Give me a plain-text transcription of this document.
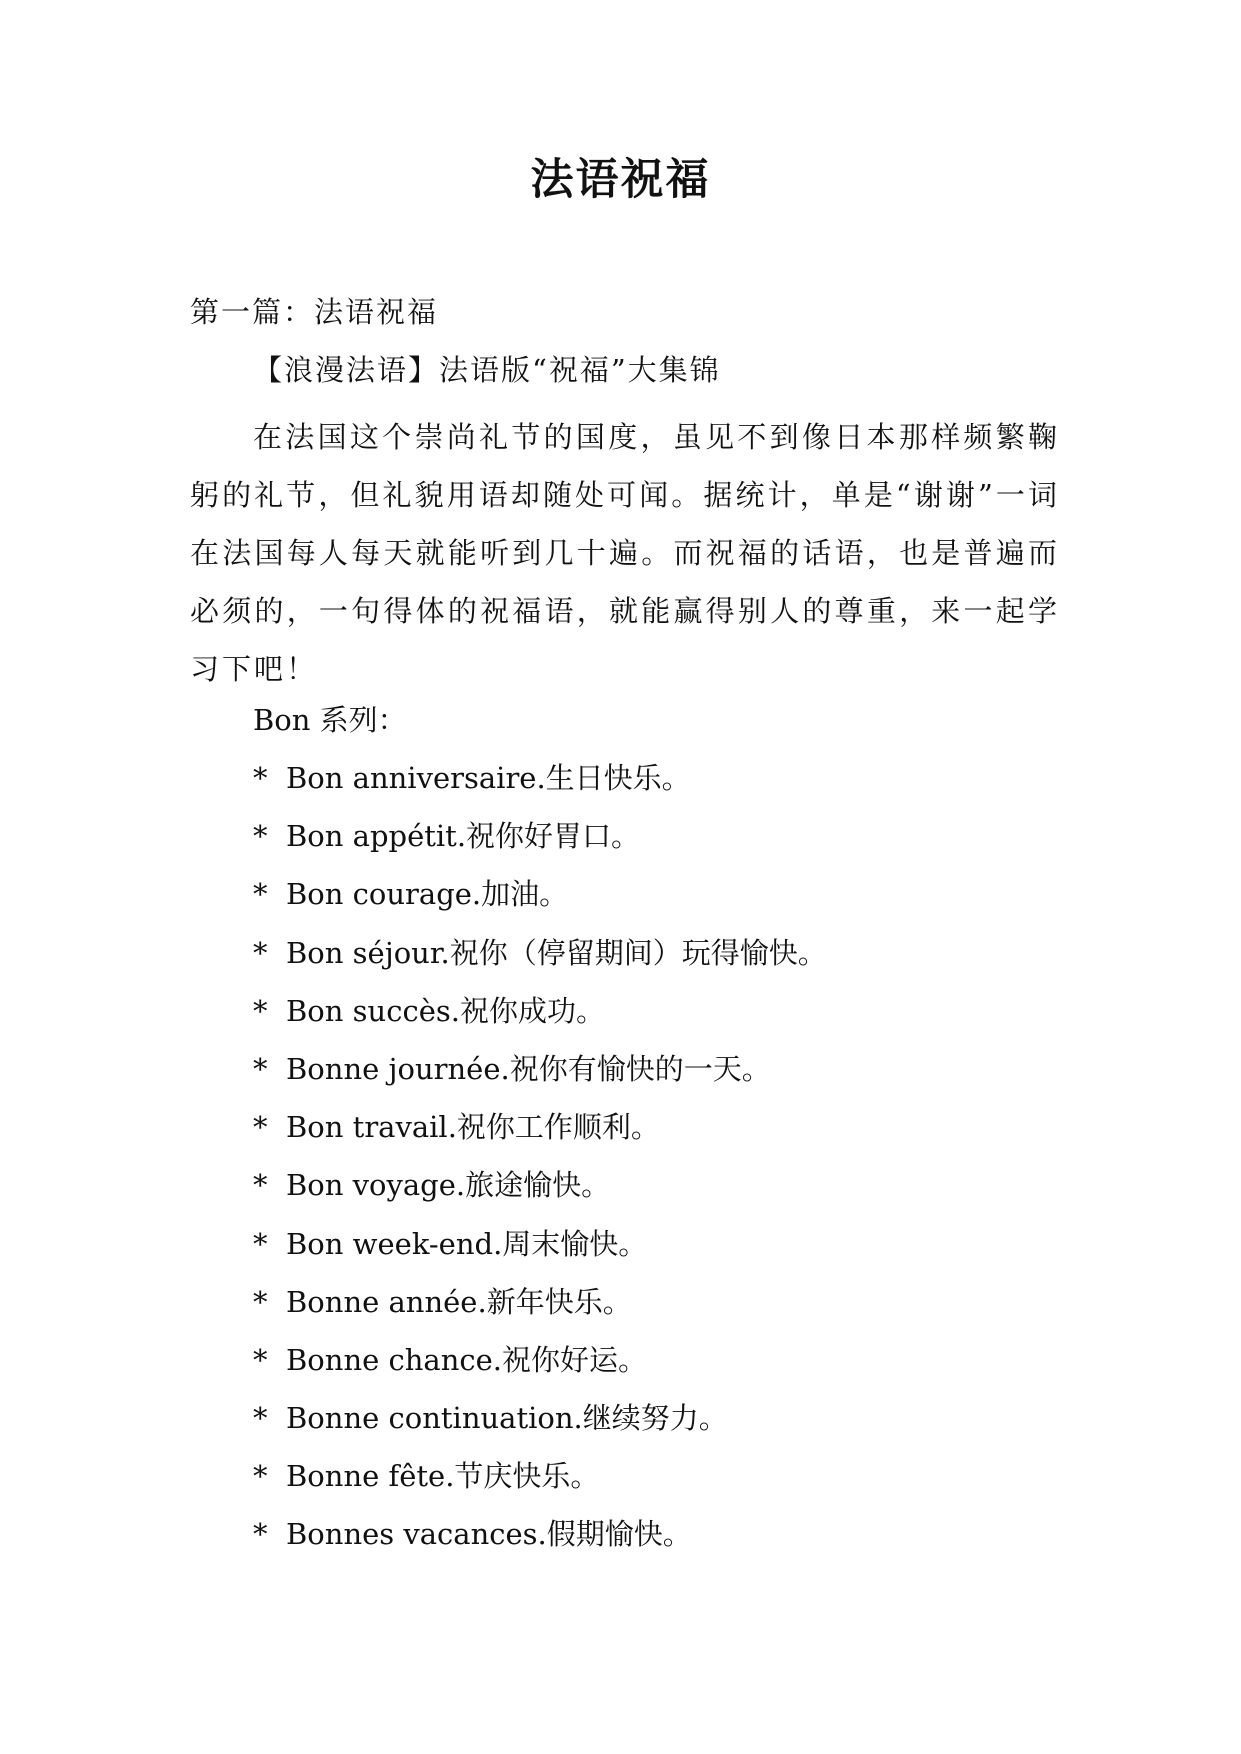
法语祝福
第一篇：法语祝福
【浪漫法语】法语版“祝福”大集锦

在法国这个崇尚礼节的国度，虽见不到像日本那样频繁鞠躬的礼节，但礼貌用语却随处可闻。据统计，单是“谢谢”一词在法国每人每天就能听到几十遍。而祝福的话语，也是普遍而必须的，一句得体的祝福语，就能赢得别人的尊重，来一起学习下吧！

Bon 系列：
* Bon anniversaire.生日快乐。
* Bon appétit.祝你好胃口。
* Bon courage.加油。
* Bon séjour.祝你（停留期间）玩得愉快。
* Bon succès.祝你成功。
* Bonne journée.祝你有愉快的一天。
* Bon travail.祝你工作顺利。
* Bon voyage.旅途愉快。
* Bon week-end.周末愉快。
* Bonne année.新年快乐。
* Bonne chance.祝你好运。
* Bonne continuation.继续努力。
* Bonne fête.节庆快乐。
* Bonnes vacances.假期愉快。
